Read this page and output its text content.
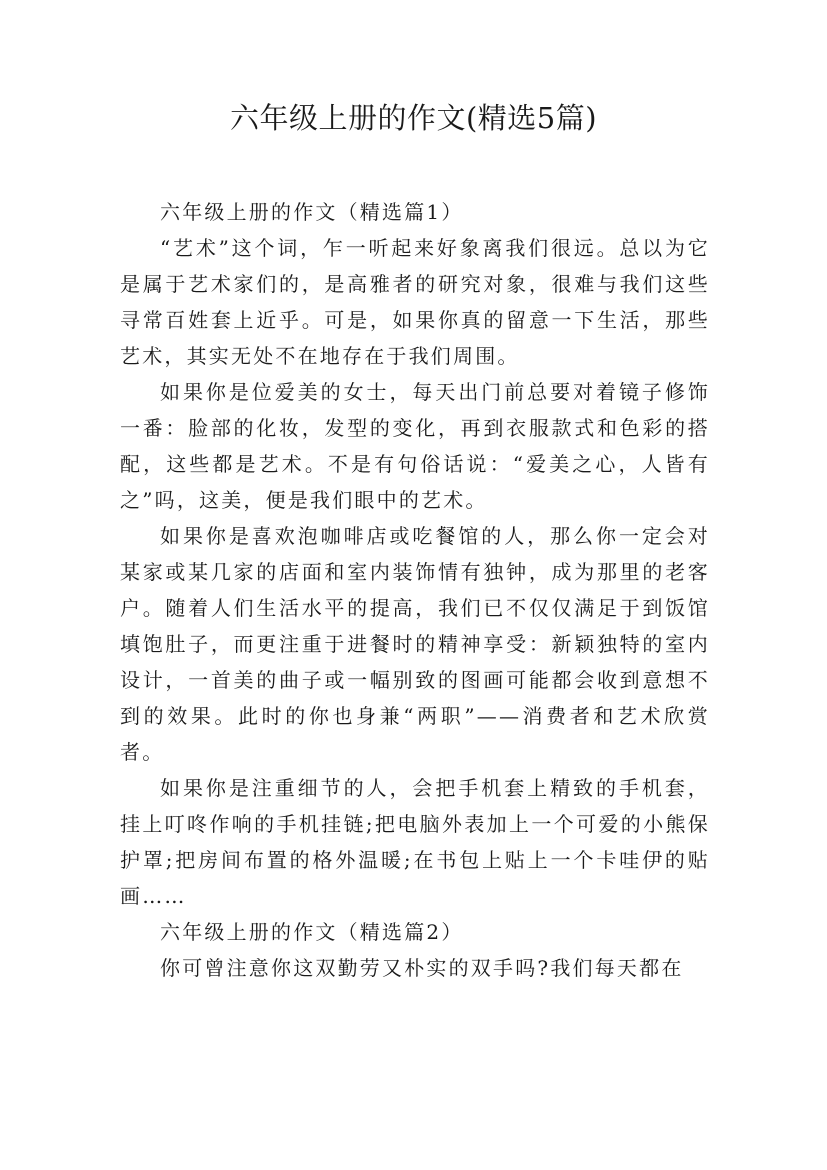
六年级上册的作文(精选5篇)

六年级上册的作文（精选篇1）

“艺术”这个词，乍一听起来好象离我们很远。总以为它是属于艺术家们的，是高雅者的研究对象，很难与我们这些寻常百姓套上近乎。可是，如果你真的留意一下生活，那些艺术，其实无处不在地存在于我们周围。

如果你是位爱美的女士，每天出门前总要对着镜子修饰一番：脸部的化妆，发型的变化，再到衣服款式和色彩的搭配，这些都是艺术。不是有句俗话说：“爱美之心，人皆有之”吗，这美，便是我们眼中的艺术。

如果你是喜欢泡咖啡店或吃餐馆的人，那么你一定会对某家或某几家的店面和室内装饰情有独钟，成为那里的老客户。随着人们生活水平的提高，我们已不仅仅满足于到饭馆填饱肚子，而更注重于进餐时的精神享受：新颖独特的室内设计，一首美的曲子或一幅别致的图画可能都会收到意想不到的效果。此时的你也身兼“两职”——消费者和艺术欣赏者。

如果你是注重细节的人，会把手机套上精致的手机套，挂上叮咚作响的手机挂链;把电脑外表加上一个可爱的小熊保护罩;把房间布置的格外温暖;在书包上贴上一个卡哇伊的贴画……

六年级上册的作文（精选篇2）

你可曾注意你这双勤劳又朴实的双手吗?我们每天都在
